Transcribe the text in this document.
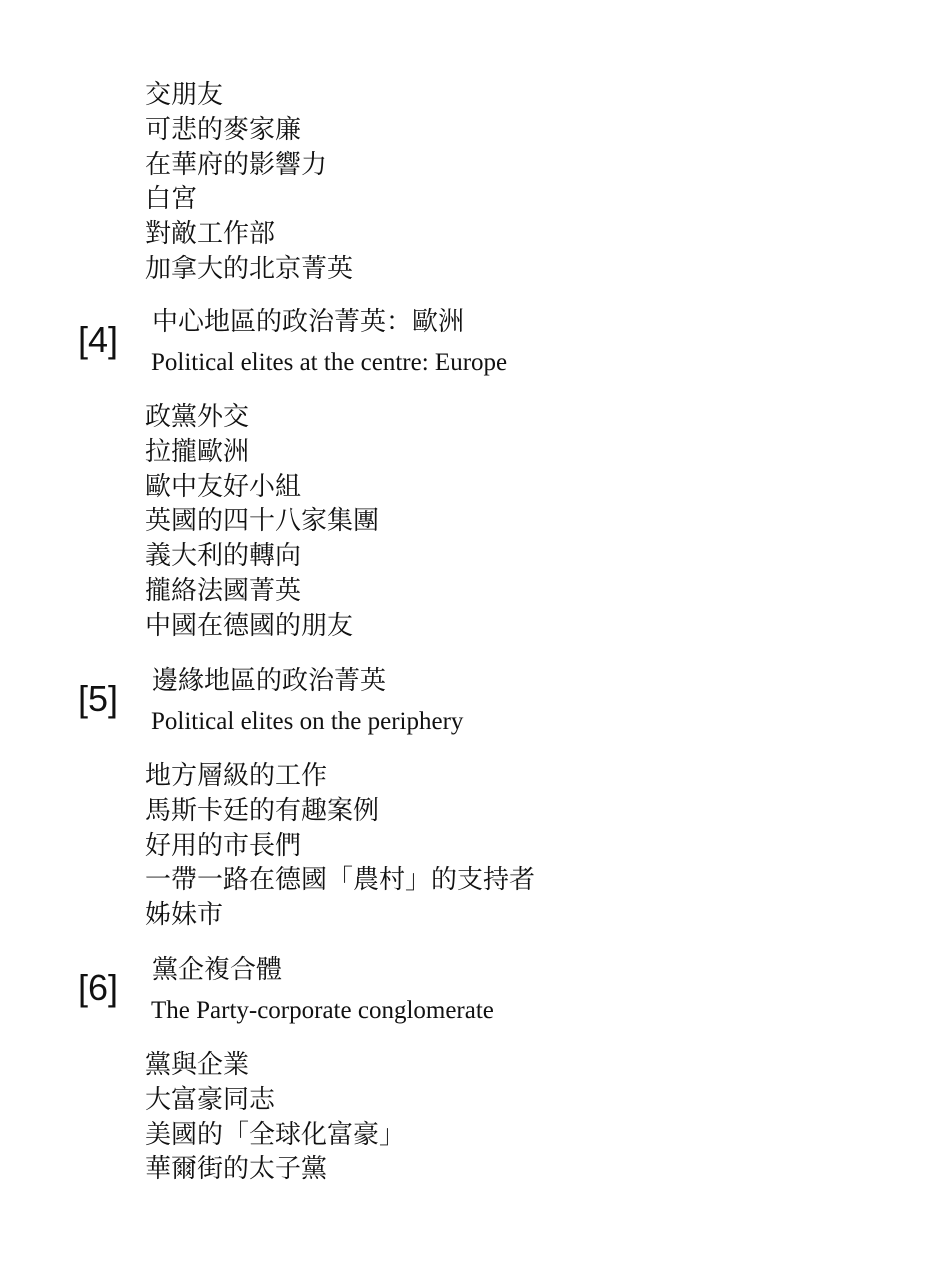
交朋友
可悲的麥家廉
在華府的影響力
白宮
對敵工作部
加拿大的北京菁英
[4] 中心地區的政治菁英：歐洲
Political elites at the centre: Europe
政黨外交
拉攏歐洲
歐中友好小組
英國的四十八家集團
義大利的轉向
攏絡法國菁英
中國在德國的朋友
[5] 邊緣地區的政治菁英
Political elites on the periphery
地方層級的工作
馬斯卡廷的有趣案例
好用的市長們
一帶一路在德國「農村」的支持者
姊妹市
[6] 黨企複合體
The Party-corporate conglomerate
黨與企業
大富豪同志
美國的「全球化富豪」
華爾街的太子黨
